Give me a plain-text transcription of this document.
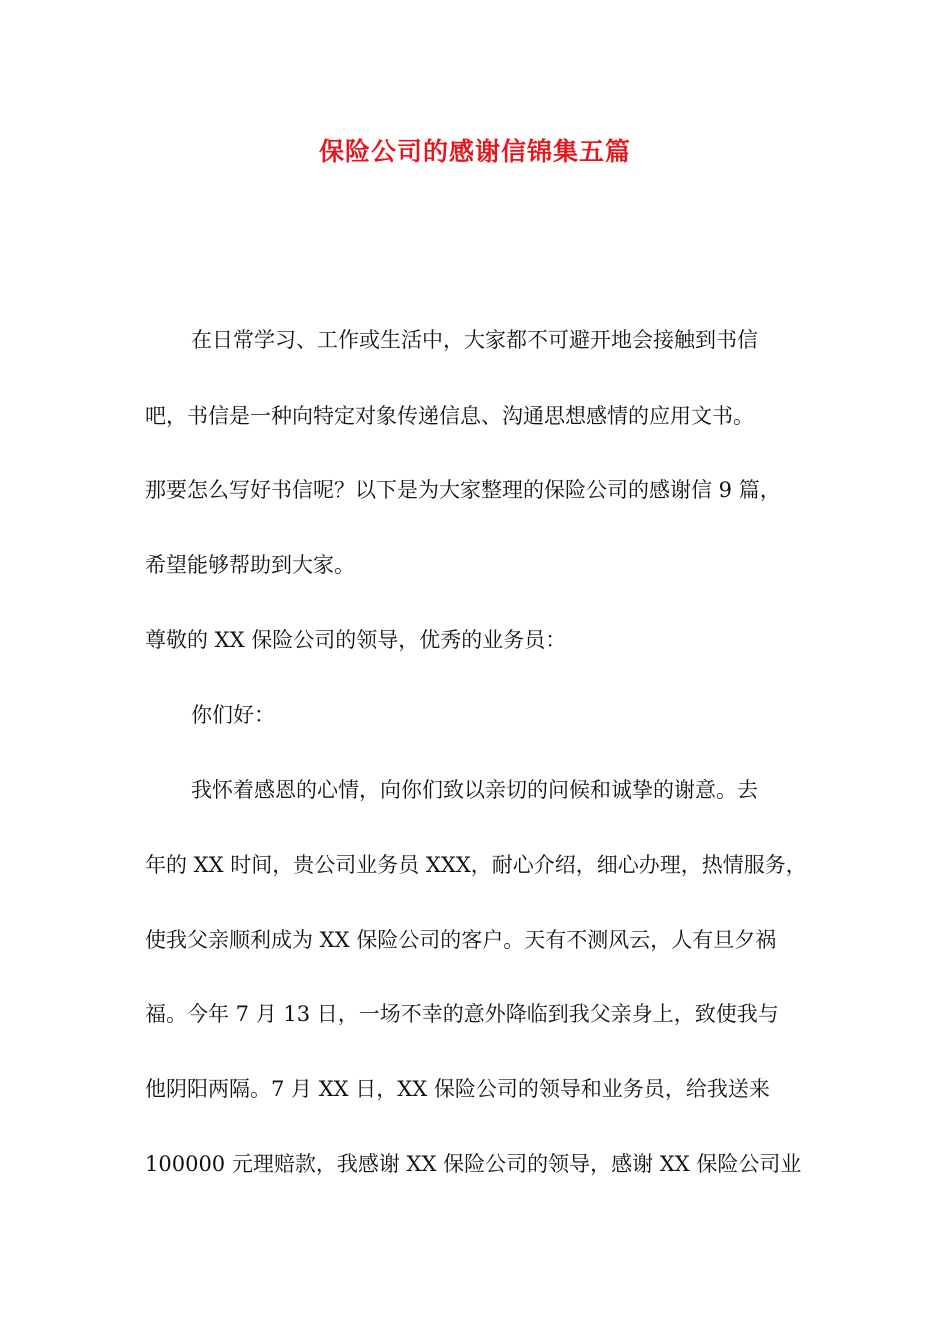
保险公司的感谢信锦集五篇
在日常学习、工作或生活中，大家都不可避开地会接触到书信
吧，书信是一种向特定对象传递信息、沟通思想感情的应用文书。
那要怎么写好书信呢？以下是为大家整理的保险公司的感谢信 9 篇，
希望能够帮助到大家。
尊敬的 XX 保险公司的领导，优秀的业务员：
你们好：
我怀着感恩的心情，向你们致以亲切的问候和诚挚的谢意。去
年的 XX 时间，贵公司业务员 XXX，耐心介绍，细心办理，热情服务，
使我父亲顺利成为 XX 保险公司的客户。天有不测风云，人有旦夕祸
福。今年 7 月 13 日，一场不幸的意外降临到我父亲身上，致使我与
他阴阳两隔。7 月 XX 日，XX 保险公司的领导和业务员，给我送来
100000 元理赔款，我感谢 XX 保险公司的领导，感谢 XX 保险公司业
